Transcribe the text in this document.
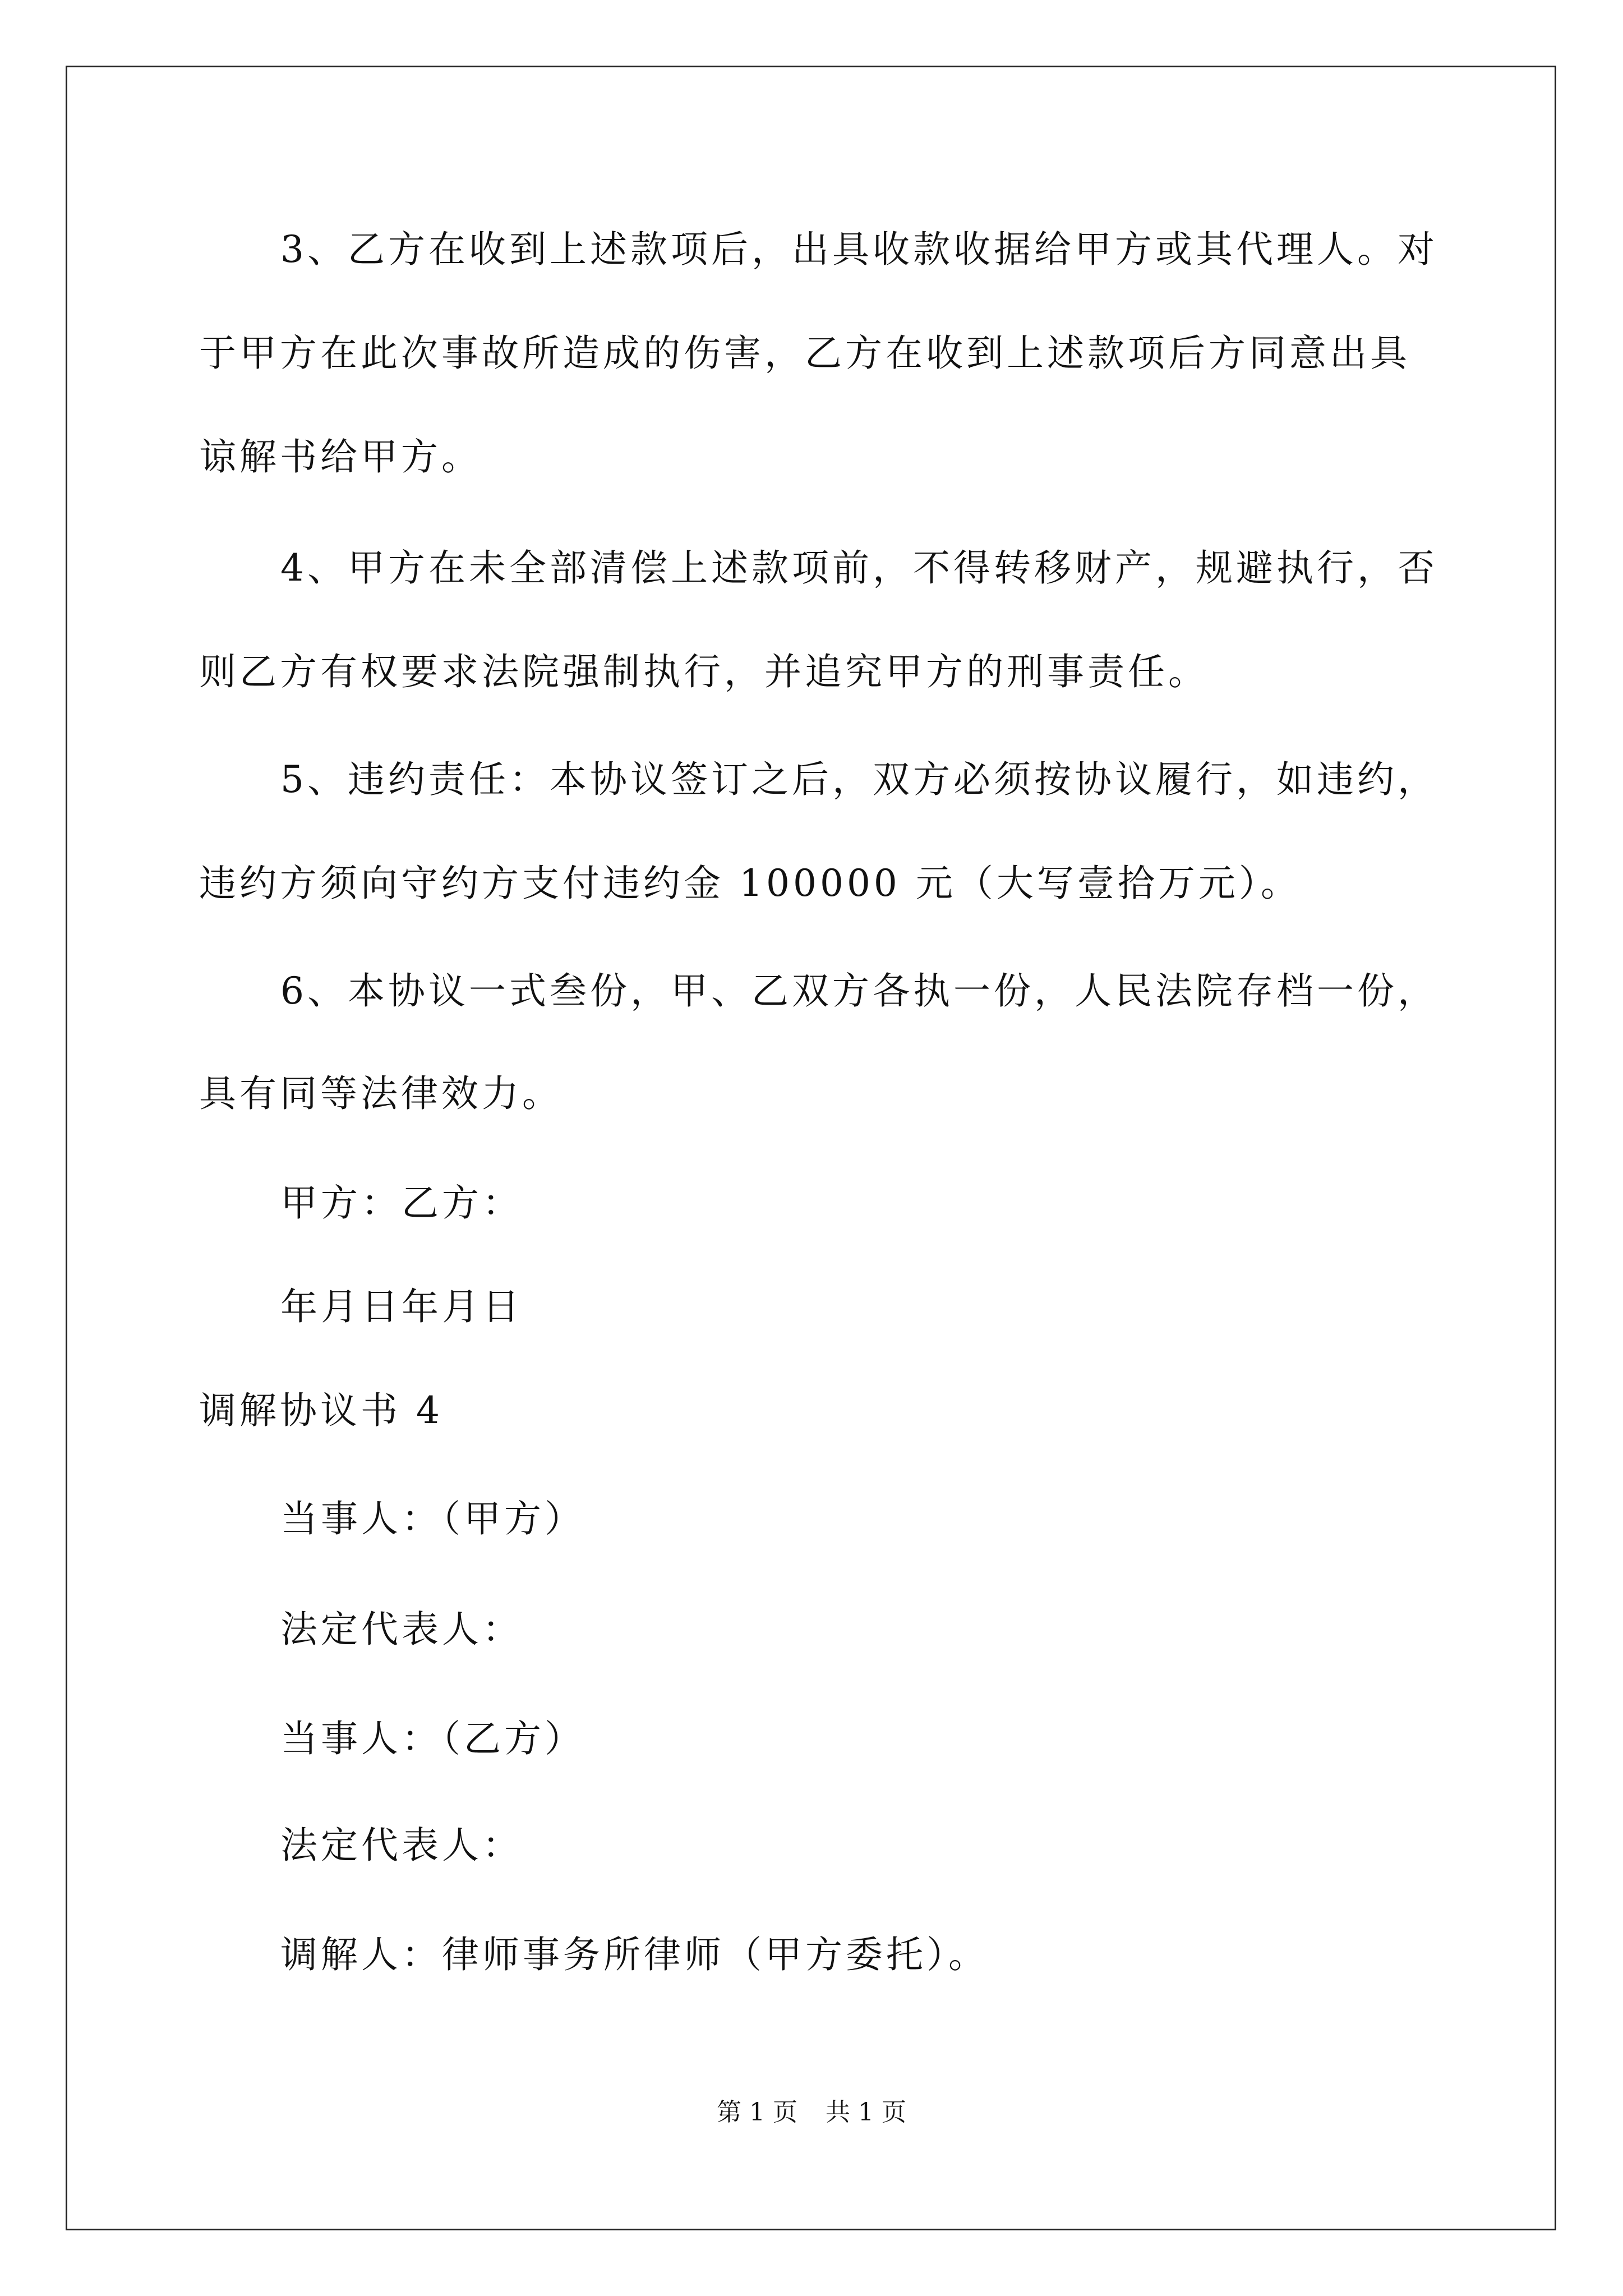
3、乙方在收到上述款项后，出具收款收据给甲方或其代理人。对
于甲方在此次事故所造成的伤害，乙方在收到上述款项后方同意出具
谅解书给甲方。
4、甲方在未全部清偿上述款项前，不得转移财产，规避执行，否
则乙方有权要求法院强制执行，并追究甲方的刑事责任。
5、违约责任：本协议签订之后，双方必须按协议履行，如违约，
违约方须向守约方支付违约金 100000 元（大写壹拾万元）。
6、本协议一式叁份，甲、乙双方各执一份，人民法院存档一份，
具有同等法律效力。
甲方：乙方：
年月日年月日
调解协议书 4
当事人：（甲方）
法定代表人：
当事人：（乙方）
法定代表人：
调解人：律师事务所律师（甲方委托）。
第 1 页 共 1 页
